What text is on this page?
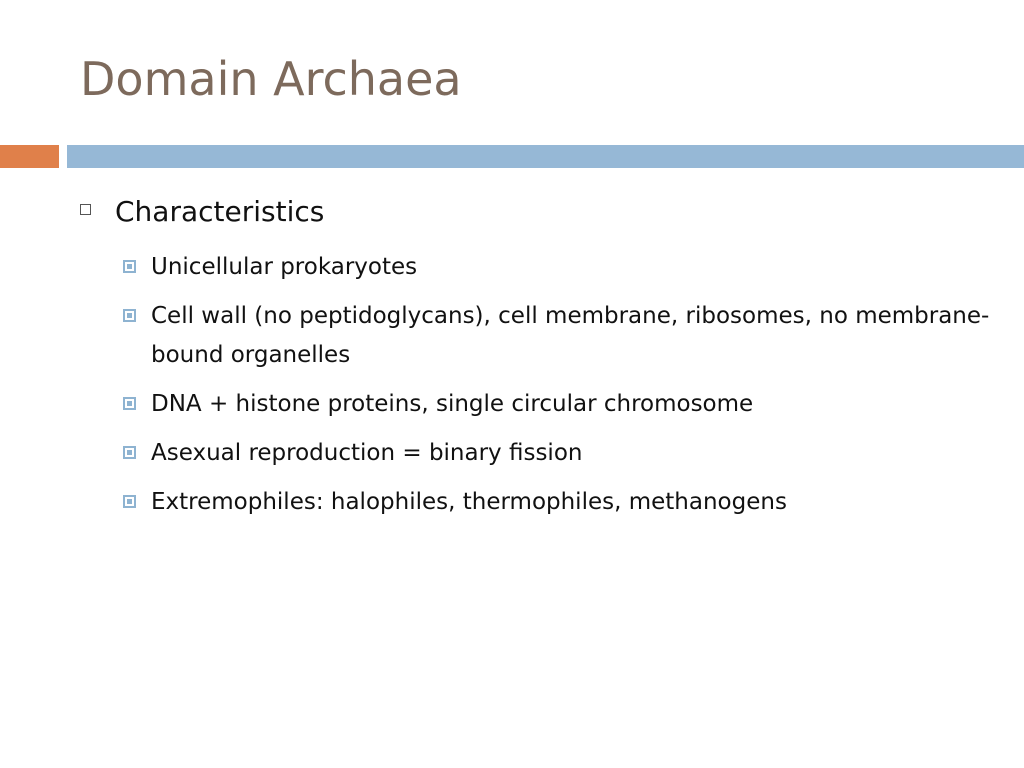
Domain Archaea
Characteristics
Unicellular prokaryotes
Cell wall (no peptidoglycans), cell membrane, ribosomes, no membrane-bound organelles
DNA + histone proteins, single circular chromosome
Asexual reproduction = binary fission
Extremophiles: halophiles, thermophiles, methanogens
